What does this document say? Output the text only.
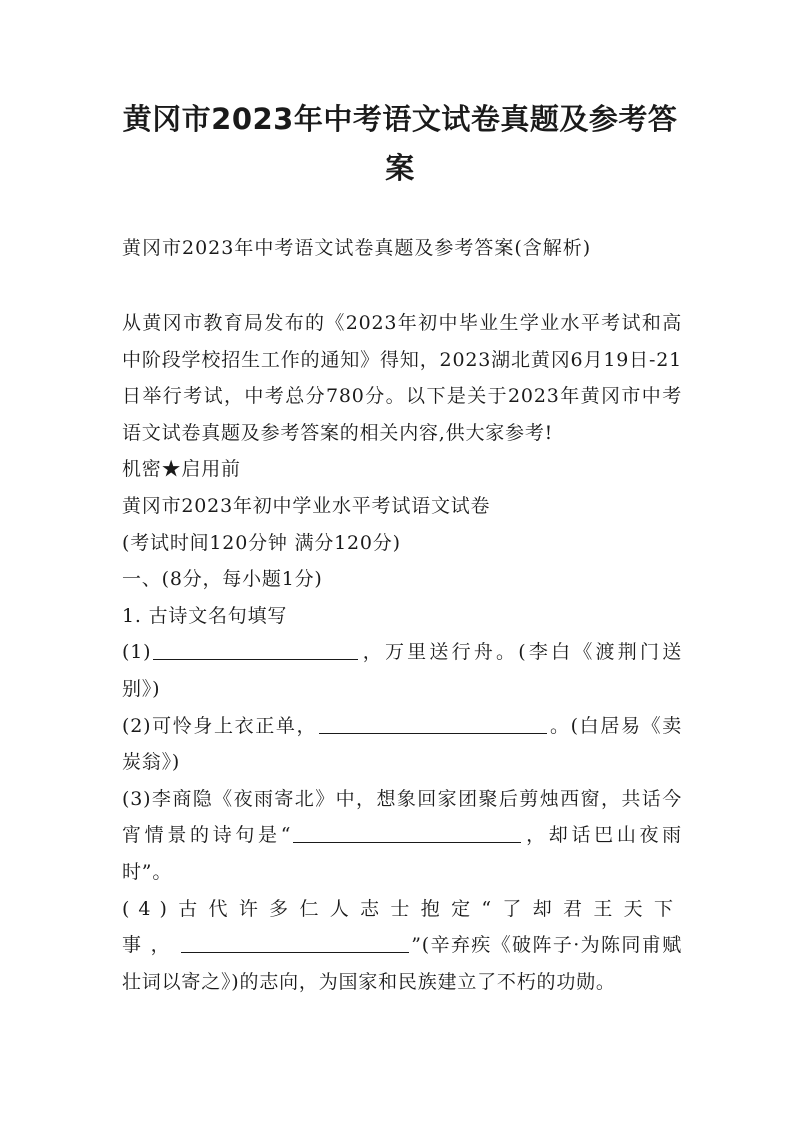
黄冈市2023年中考语文试卷真题及参考答案
黄冈市2023年中考语文试卷真题及参考答案(含解析)

从黄冈市教育局发布的《2023年初中毕业生学业水平考试和高中阶段学校招生工作的通知》得知，2023湖北黄冈6月19日-21日举行考试，中考总分780分。以下是关于2023年黄冈市中考语文试卷真题及参考答案的相关内容,供大家参考!

机密★启用前

黄冈市2023年初中学业水平考试语文试卷

(考试时间120分钟 满分120分)

一、(8分，每小题1分)

1. 古诗文名句填写

(1)	，万里送行舟。(李白《渡荆门送别》)

(2)可怜身上衣正单，	。(白居易《卖炭翁》)

(3)李商隐《夜雨寄北》中，想象回家团聚后剪烛西窗，共话今宵情景的诗句是“	，却话巴山夜雨时”。

(4)古代许多仁人志士抱定“了却君王天下事，	”(辛弃疾《破阵子·为陈同甫赋壮词以寄之》)的志向，为国家和民族建立了不朽的功勋。
